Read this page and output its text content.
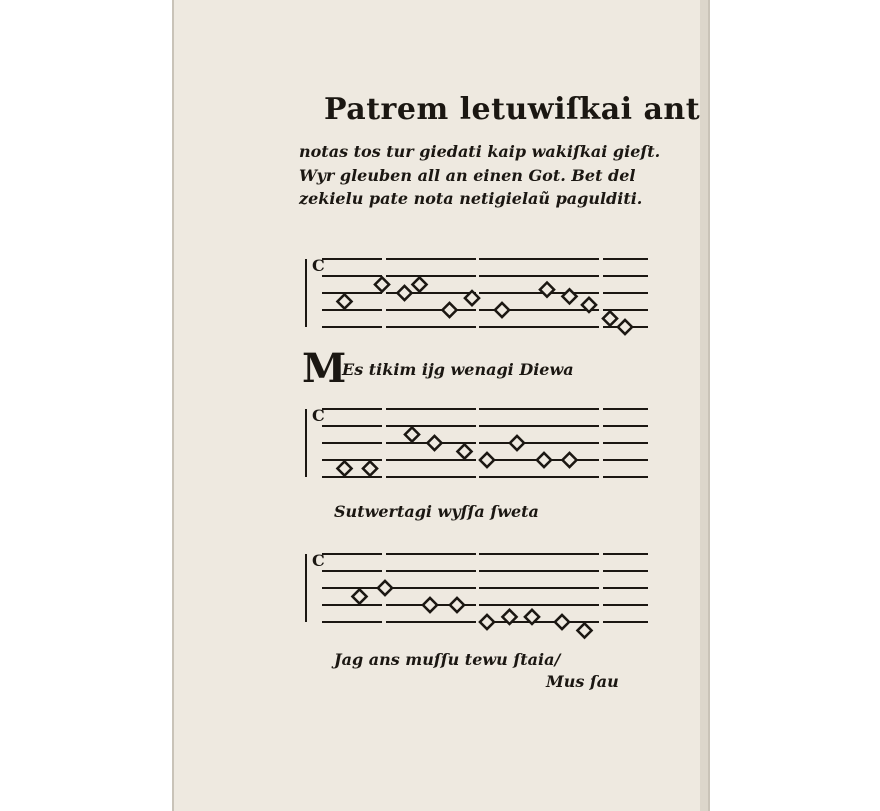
Patrem letuwiſkai ant
notas tos tur giedati kaip wakiſkai gieſt.
Wyr gleuben all an einen Got. Bet del
zekielu pate nota netigielaũ pagulditi.
C
M
Es tikim ijg wenagi Diewa
C
Sutwertagi wyſſa ſweta
C
Jag ans muſſu tewu ſtaia/
Mus ſau
